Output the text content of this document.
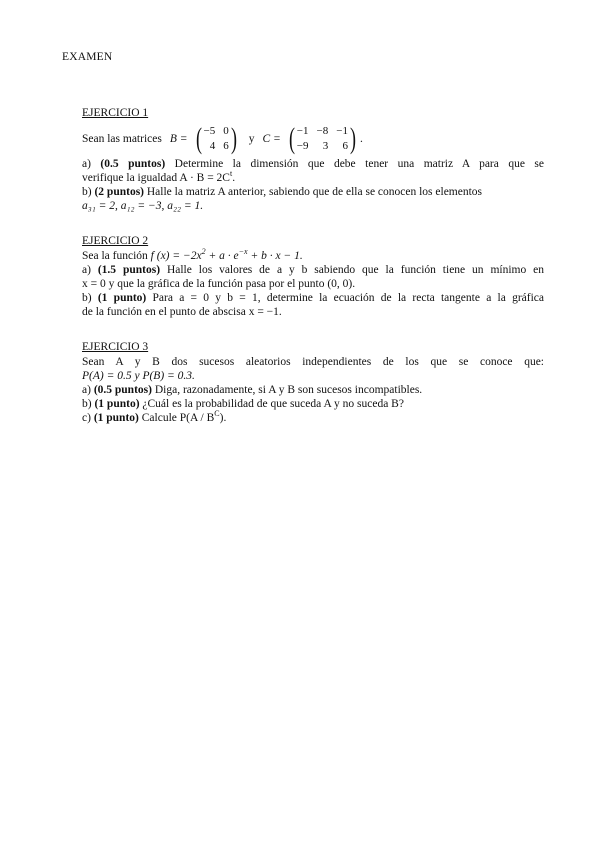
EXAMEN
EJERCICIO 1
Sean las matrices B = ( −5 0
4 6 ) y C = ( −1 −8 −1
−9	3	6 ) .
a) (0.5 puntos) Determine la dimensión que debe tener una matriz A para que se
verifique la igualdad $A \cdot B = 2C^t$.
b) (2 puntos) Halle la matriz A anterior, sabiendo que de ella se conocen los elementos
a₃₁ = 2, a₁₂ = −3, a₂₂ = 1.
EJERCICIO 2
Sea la función f $(x) = -2x^2 + a \cdot e^{-x} + b \cdot x - 1$.
a) (1.5 puntos) Halle los valores de a y b sabiendo que la función tiene un mínimo en
x = 0 y que la gráfica de la función pasa por el punto (0, 0).
b) (1 punto) Para a = 0 y b = 1, determine la ecuación de la recta tangente a la gráfica
de la función en el punto de abscisa x = −1.
EJERCICIO 3
Sean A y B dos sucesos aleatorios independientes de los que se conoce que:
P(A) = 0.5 y P(B) = 0.3.
a) (0.5 puntos) Diga, razonadamente, si A y B son sucesos incompatibles.
b) (1 punto) ¿Cuál es la probabilidad de que suceda A y no suceda B?
c) (1 punto) Calcule $P(A / B^C)$.
